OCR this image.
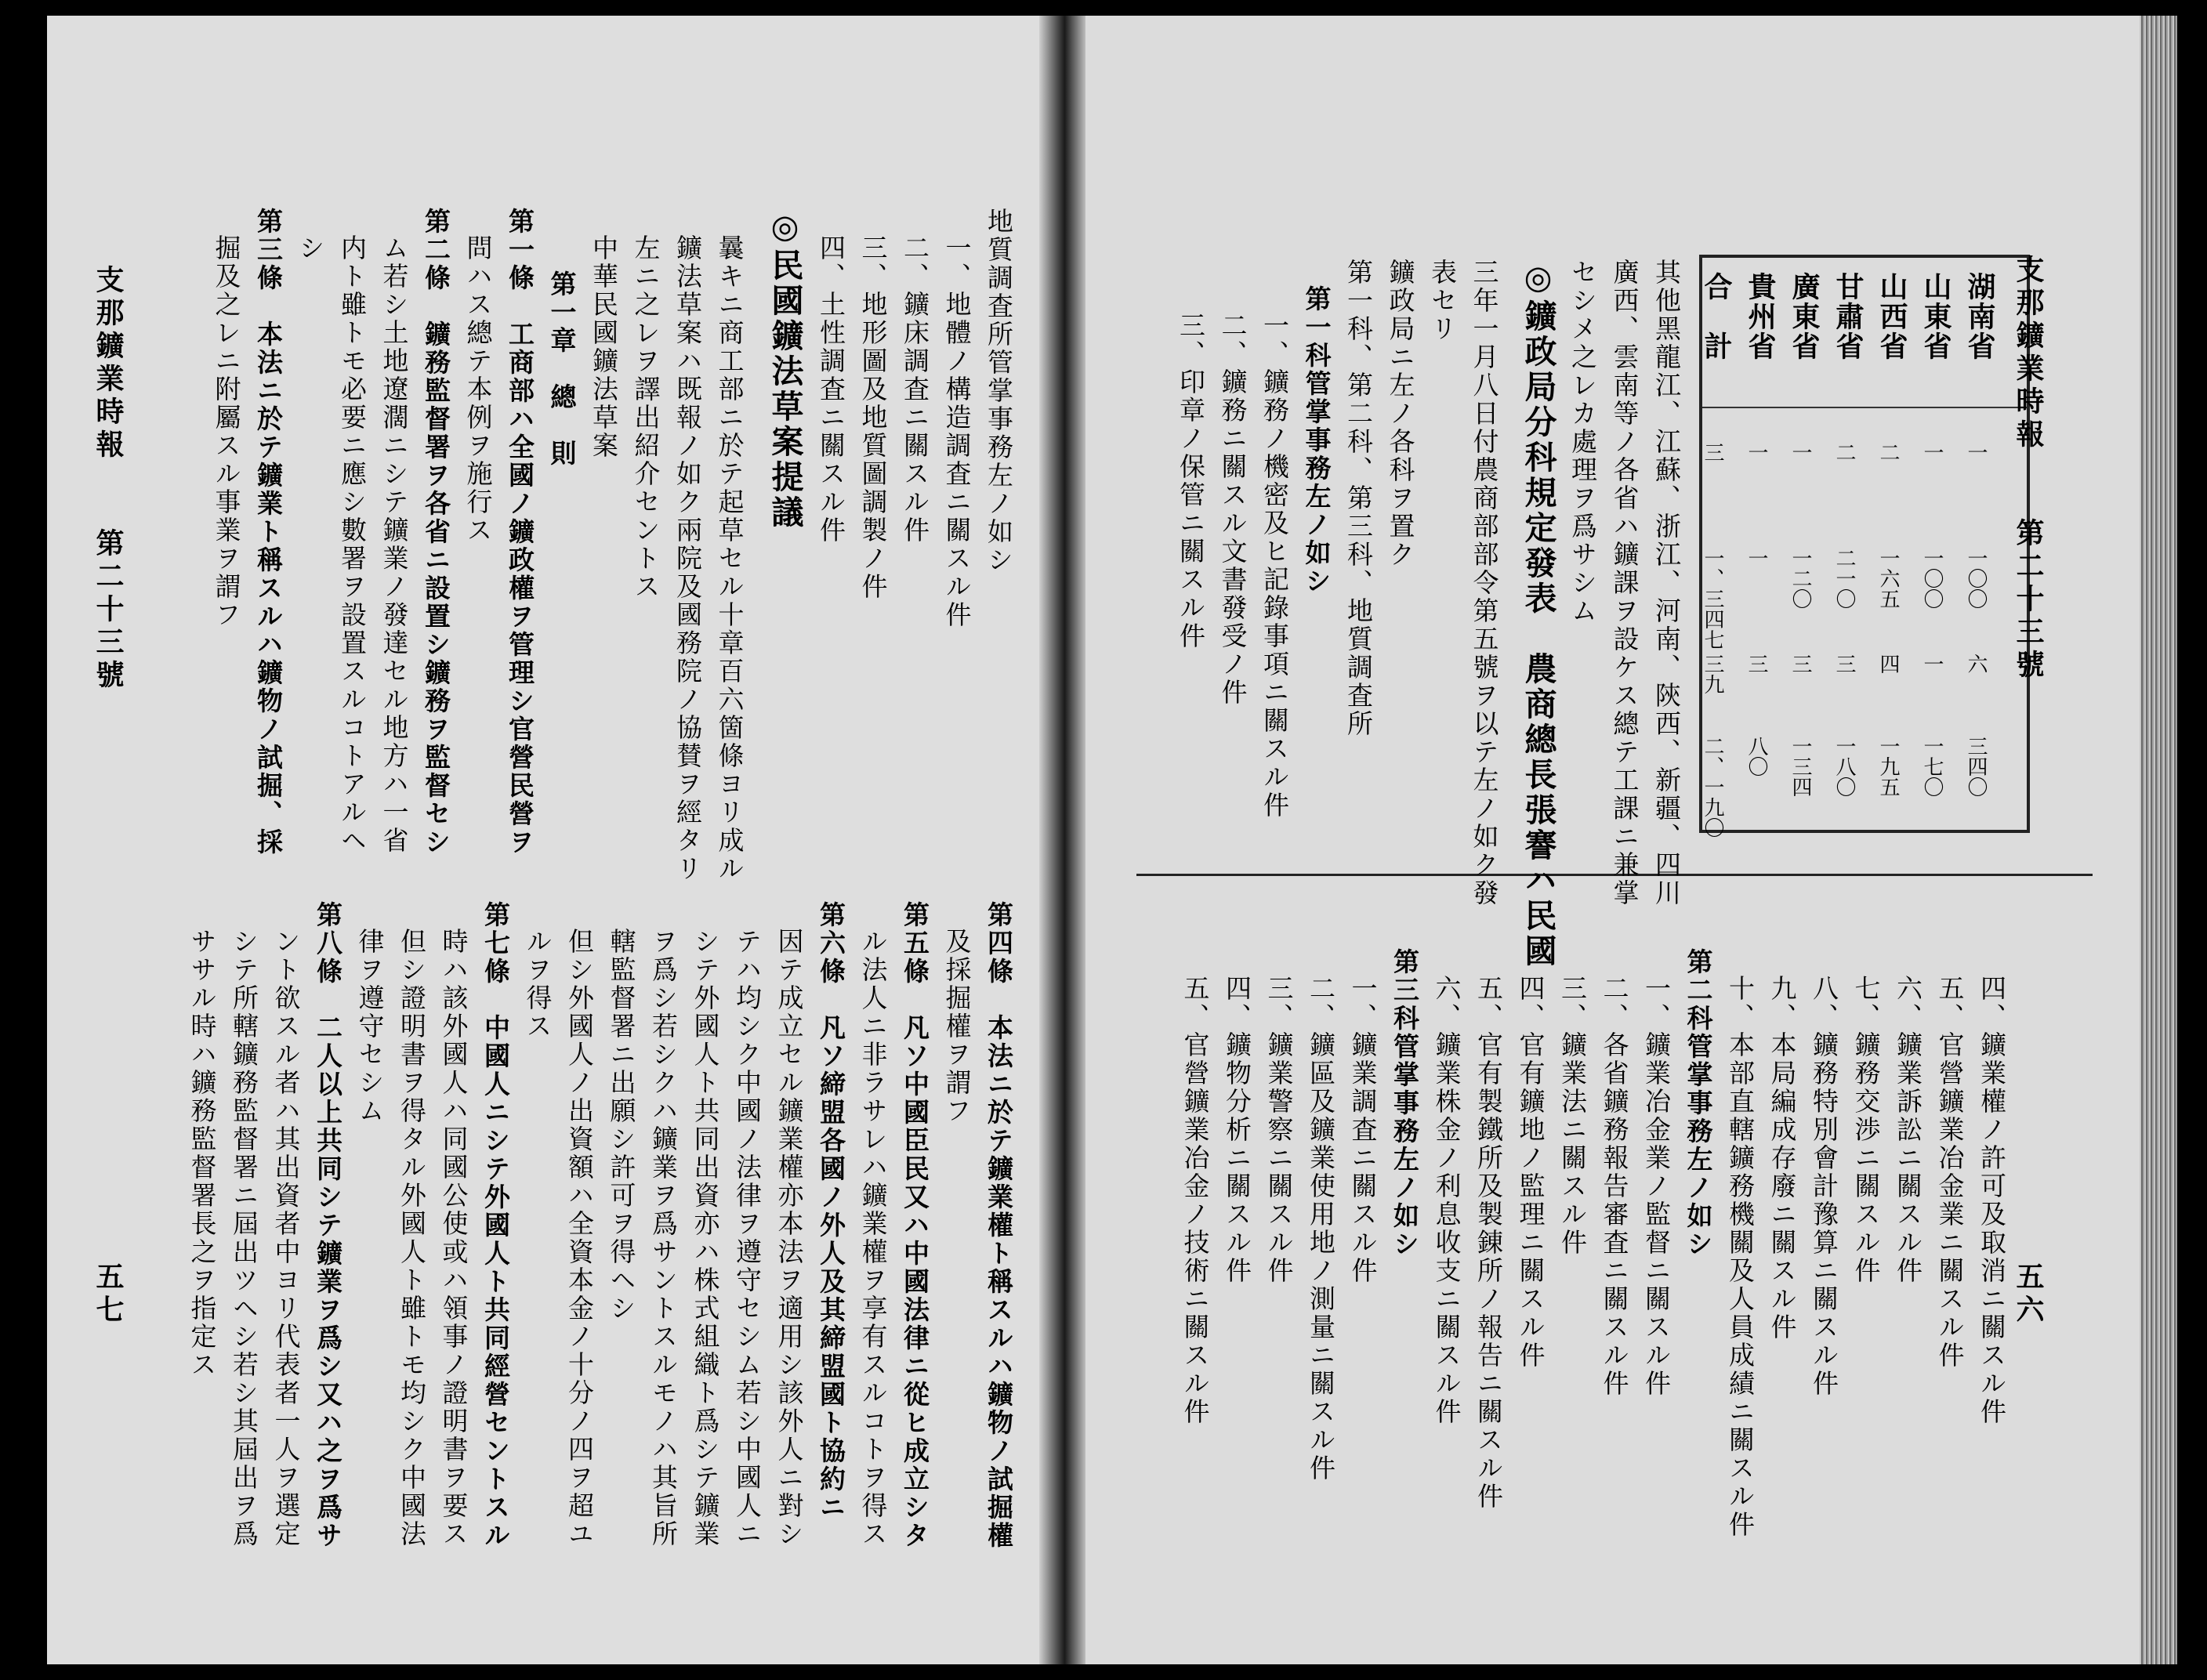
湖南省
一
一〇〇
六
三四〇
山東省
一
一〇〇
一
一七〇
山西省
二
一六五
四
一九五
甘肅省
二
二一〇
三
一八〇
廣東省
一
一二〇
三
一三四
貴州省
一
一
三
八〇
合　計
三
一、三四七
三九
二、一九〇
地質調査所管掌事務左ノ如シ
一、地體ノ構造調査ニ關スル件
二、鑛床調査ニ關スル件
三、地形圖及地質圖調製ノ件
四、土性調査ニ關スル件
◎民國鑛法草案提議
曩キニ商工部ニ於テ起草セル十章百六箇條ヨリ成ル
鑛法草案ハ既報ノ如ク兩院及國務院ノ協賛ヲ經タリ
左ニ之レヲ譯出紹介セントス
中華民國鑛法草案
第一章　總　則
第一條　工商部ハ全國ノ鑛政權ヲ管理シ官營民營ヲ
問ハス總テ本例ヲ施行ス
第二條　鑛務監督署ヲ各省ニ設置シ鑛務ヲ監督セシ
ム若シ土地遼濶ニシテ鑛業ノ發達セル地方ハ一省
内ト雖トモ必要ニ應シ數署ヲ設置スルコトアルヘ
シ
第三條　本法ニ於テ鑛業ト稱スルハ鑛物ノ試掘、採
掘及之レニ附屬スル事業ヲ謂フ
第四條　本法ニ於テ鑛業權ト稱スルハ鑛物ノ試掘權
及採掘權ヲ謂フ
第五條　凡ソ中國臣民又ハ中國法律ニ從ヒ成立シタ
ル法人ニ非ラサレハ鑛業權ヲ享有スルコトヲ得ス
第六條　凡ソ締盟各國ノ外人及其締盟國ト協約ニ
因テ成立セル鑛業權亦本法ヲ適用シ該外人ニ對シ
テハ均シク中國ノ法律ヲ遵守セシム若シ中國人ニ
シテ外國人ト共同出資亦ハ株式組織ト爲シテ鑛業
ヲ爲シ若シクハ鑛業ヲ爲サントスルモノハ其旨所
轄監督署ニ出願シ許可ヲ得ヘシ
但シ外國人ノ出資額ハ全資本金ノ十分ノ四ヲ超ユ
ルヲ得ス
第七條　中國人ニシテ外國人ト共同經營セントスル
時ハ該外國人ハ同國公使或ハ領事ノ證明書ヲ要ス
但シ證明書ヲ得タル外國人ト雖トモ均シク中國法
律ヲ遵守セシム
第八條　二人以上共同シテ鑛業ヲ爲シ又ハ之ヲ爲サ
ント欲スル者ハ其出資者中ヨリ代表者一人ヲ選定
シテ所轄鑛務監督署ニ屆出ツヘシ若シ其屆出ヲ爲
ササル時ハ鑛務監督署長之ヲ指定ス
支那鑛業時報　　第二十三號
五七
支那鑛業時報　　第二十三號
五六
其他黑龍江、江蘇、浙江、河南、陝西、新疆、四川
廣西、雲南等ノ各省ハ鑛課ヲ設ケス總テ工課ニ兼掌
セシメ之レカ處理ヲ爲サシム
◎鑛政局分科規定發表　農商總長張謇ハ民國
三年一月八日付農商部部令第五號ヲ以テ左ノ如ク發
表セリ
鑛政局ニ左ノ各科ヲ置ク
第一科、第二科、第三科、地質調査所
第一科管掌事務左ノ如シ
一、鑛務ノ機密及ヒ記錄事項ニ關スル件
二、鑛務ニ關スル文書發受ノ件
三、印章ノ保管ニ關スル件
四、鑛業權ノ許可及取消ニ關スル件
五、官營鑛業冶金業ニ關スル件
六、鑛業訴訟ニ關スル件
七、鑛務交渉ニ關スル件
八、鑛務特別會計豫算ニ關スル件
九、本局編成存廢ニ關スル件
十、本部直轄鑛務機關及人員成績ニ關スル件
第二科管掌事務左ノ如シ
一、鑛業冶金業ノ監督ニ關スル件
二、各省鑛務報告審査ニ關スル件
三、鑛業法ニ關スル件
四、官有鑛地ノ監理ニ關スル件
五、官有製鐵所及製錬所ノ報告ニ關スル件
六、鑛業株金ノ利息收支ニ關スル件
第三科管掌事務左ノ如シ
一、鑛業調査ニ關スル件
二、鑛區及鑛業使用地ノ測量ニ關スル件
三、鑛業警察ニ關スル件
四、鑛物分析ニ關スル件
五、官營鑛業冶金ノ技術ニ關スル件
